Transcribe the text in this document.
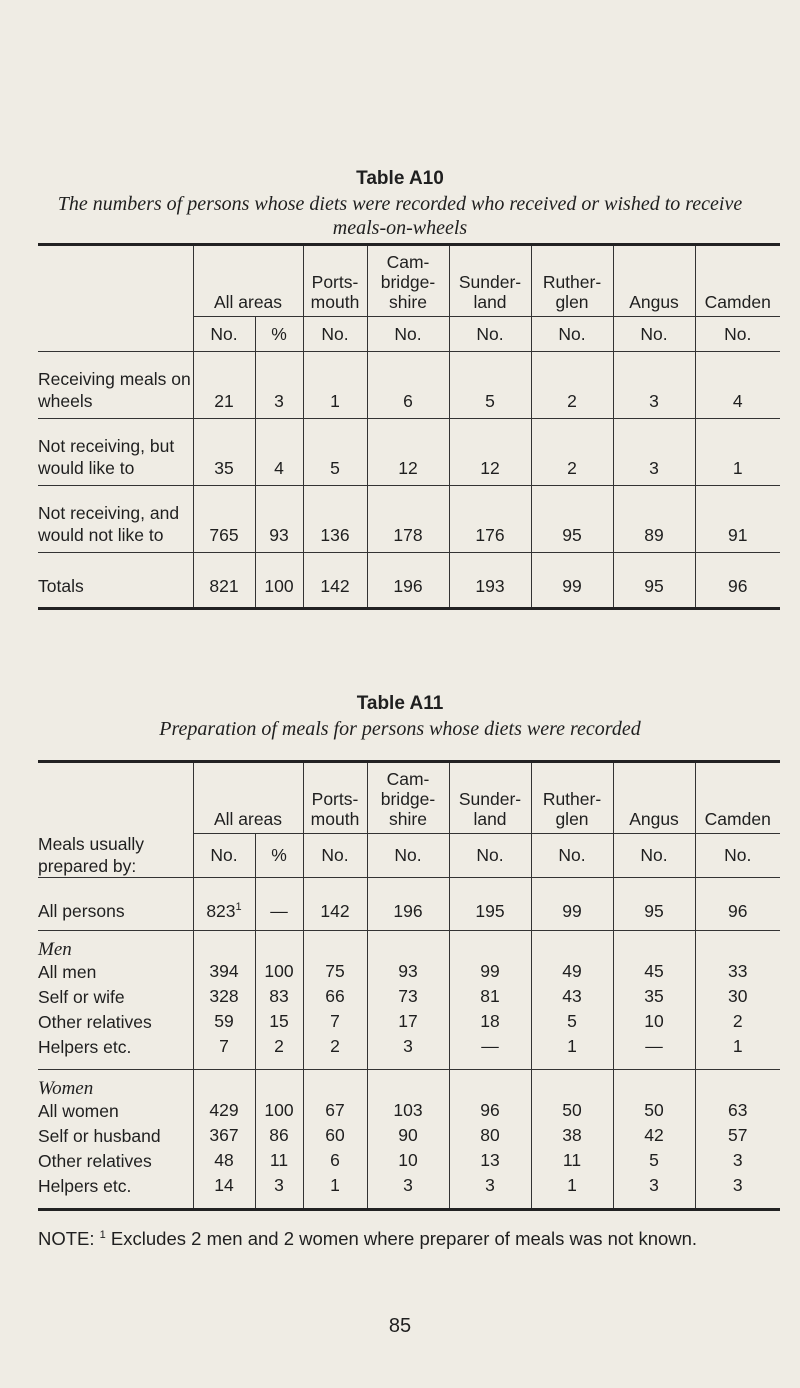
Table A10
The numbers of persons whose diets were recorded who received or wished to receive meals-on-wheels
	All areas		Ports-
mouth	Cam-
bridge-
shire	Sunder-
land	Ruther-
glen	Angus	Camden
	No.	%	No.	No.	No.	No.	No.	No.
Receiving meals on
wheels	21	3	1	6	5	2	3	4
Not receiving, but
would like to	35	4	5	12	12	2	3	1
Not receiving, and
would not like to	765	93	136	178	176	95	89	91
Totals	821	100	142	196	193	99	95	96
Table A11
Preparation of meals for persons whose diets were recorded
	All areas		Ports-
mouth	Cam-
bridge-
shire	Sunder-
land	Ruther-
glen	Angus	Camden
Meals usually
prepared by:	No.	%	No.	No.	No.	No.	No.	No.
All persons	$823^1$	—	142	196	195	99	95	96
Men								
All men	394	100	75	93	99	49	45	33
Self or wife	328	83	66	73	81	43	35	30
Other relatives	59	15	7	17	18	5	10	2
Helpers etc.	7	2	2	3	—	1	—	1
Women								
All women	429	100	67	103	96	50	50	63
Self or husband	367	86	60	90	80	38	42	57
Other relatives	48	11	6	10	13	11	5	3
Helpers etc.	14	3	1	3	3	1	3	3
NOTE: $^1$ Excludes 2 men and 2 women where preparer of meals was not known.
85
